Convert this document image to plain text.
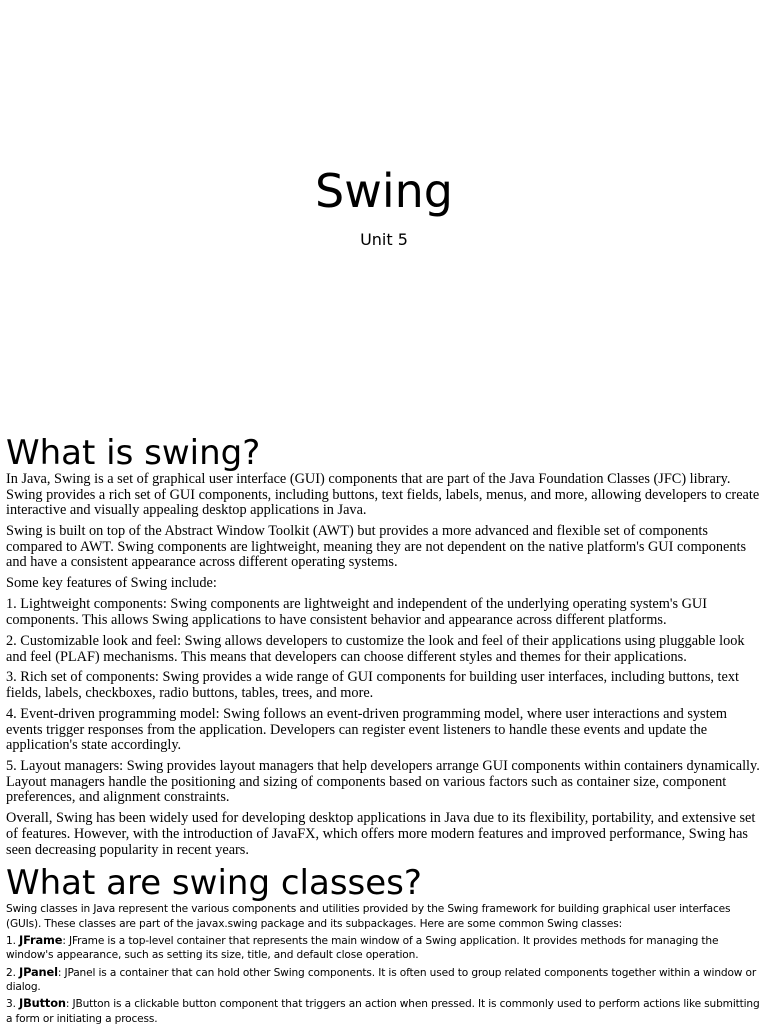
Swing
Unit 5
What is swing?

In Java, Swing is a set of graphical user interface (GUI) components that are part of the Java Foundation Classes (JFC) library. Swing provides a rich set of GUI components, including buttons, text fields, labels, menus, and more, allowing developers to create interactive and visually appealing desktop applications in Java.

Swing is built on top of the Abstract Window Toolkit (AWT) but provides a more advanced and flexible set of components compared to AWT. Swing components are lightweight, meaning they are not dependent on the native platform's GUI components and have a consistent appearance across different operating systems.

Some key features of Swing include:

1. Lightweight components: Swing components are lightweight and independent of the underlying operating system's GUI components. This allows Swing applications to have consistent behavior and appearance across different platforms.

2. Customizable look and feel: Swing allows developers to customize the look and feel of their applications using pluggable look and feel (PLAF) mechanisms. This means that developers can choose different styles and themes for their applications.

3. Rich set of components: Swing provides a wide range of GUI components for building user interfaces, including buttons, text fields, labels, checkboxes, radio buttons, tables, trees, and more.

4. Event-driven programming model: Swing follows an event-driven programming model, where user interactions and system events trigger responses from the application. Developers can register event listeners to handle these events and update the application's state accordingly.

5. Layout managers: Swing provides layout managers that help developers arrange GUI components within containers dynamically. Layout managers handle the positioning and sizing of components based on various factors such as container size, component preferences, and alignment constraints.

Overall, Swing has been widely used for developing desktop applications in Java due to its flexibility, portability, and extensive set of features. However, with the introduction of JavaFX, which offers more modern features and improved performance, Swing has seen decreasing popularity in recent years.

What are swing classes?

Swing classes in Java represent the various components and utilities provided by the Swing framework for building graphical user interfaces (GUIs). These classes are part of the javax.swing package and its subpackages. Here are some common Swing classes:

1. JFrame: JFrame is a top-level container that represents the main window of a Swing application. It provides methods for managing the window's appearance, such as setting its size, title, and default close operation.

2. JPanel: JPanel is a container that can hold other Swing components. It is often used to group related components together within a window or dialog.

3. JButton: JButton is a clickable button component that triggers an action when pressed. It is commonly used to perform actions like submitting a form or initiating a process.
